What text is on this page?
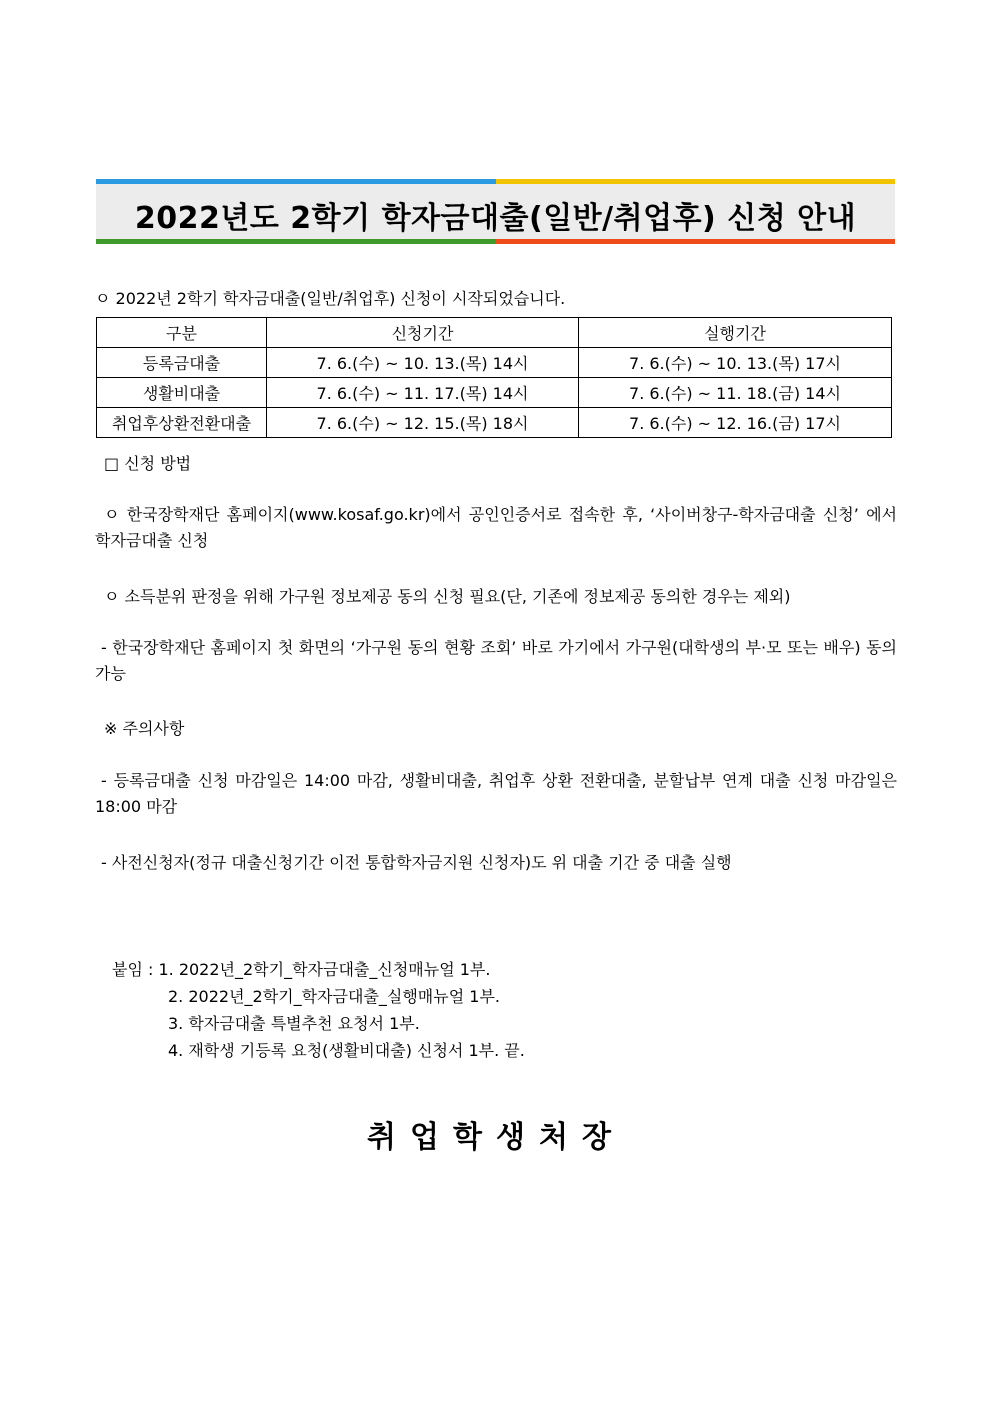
2022년도 2학기 학자금대출(일반/취업후) 신청 안내
ㅇ 2022년 2학기 학자금대출(일반/취업후) 신청이 시작되었습니다.
구분	신청기간	실행기간
등록금대출	7. 6.(수) ~ 10. 13.(목) 14시	7. 6.(수) ~ 10. 13.(목) 17시
생활비대출	7. 6.(수) ~ 11. 17.(목) 14시	7. 6.(수) ~ 11. 18.(금) 14시
취업후상환전환대출	7. 6.(수) ~ 12. 15.(목) 18시	7. 6.(수) ~ 12. 16.(금) 17시
□ 신청 방법
ㅇ 한국장학재단 홈페이지(www.kosaf.go.kr)에서 공인인증서로 접속한 후, ‘사이버창구-학자금대출 신청’ 에서 학자금대출 신청
ㅇ 소득분위 판정을 위해 가구원 정보제공 동의 신청 필요(단, 기존에 정보제공 동의한 경우는 제외)
- 한국장학재단 홈페이지 첫 화면의 ‘가구원 동의 현황 조회’ 바로 가기에서 가구원(대학생의 부·모 또는 배우) 동의 가능
※ 주의사항
- 등록금대출 신청 마감일은 14:00 마감, 생활비대출, 취업후 상환 전환대출, 분할납부 연계 대출 신청 마감일은 18:00 마감
- 사전신청자(정규 대출신청기간 이전 통합학자금지원 신청자)도 위 대출 기간 중 대출 실행
붙임 : 1. 2022년_2학기_학자금대출_신청매뉴얼 1부.
2. 2022년_2학기_학자금대출_실행매뉴얼 1부.
3. 학자금대출 특별추천 요청서 1부.
4. 재학생 기등록 요청(생활비대출) 신청서 1부. 끝.
취업학생처장
